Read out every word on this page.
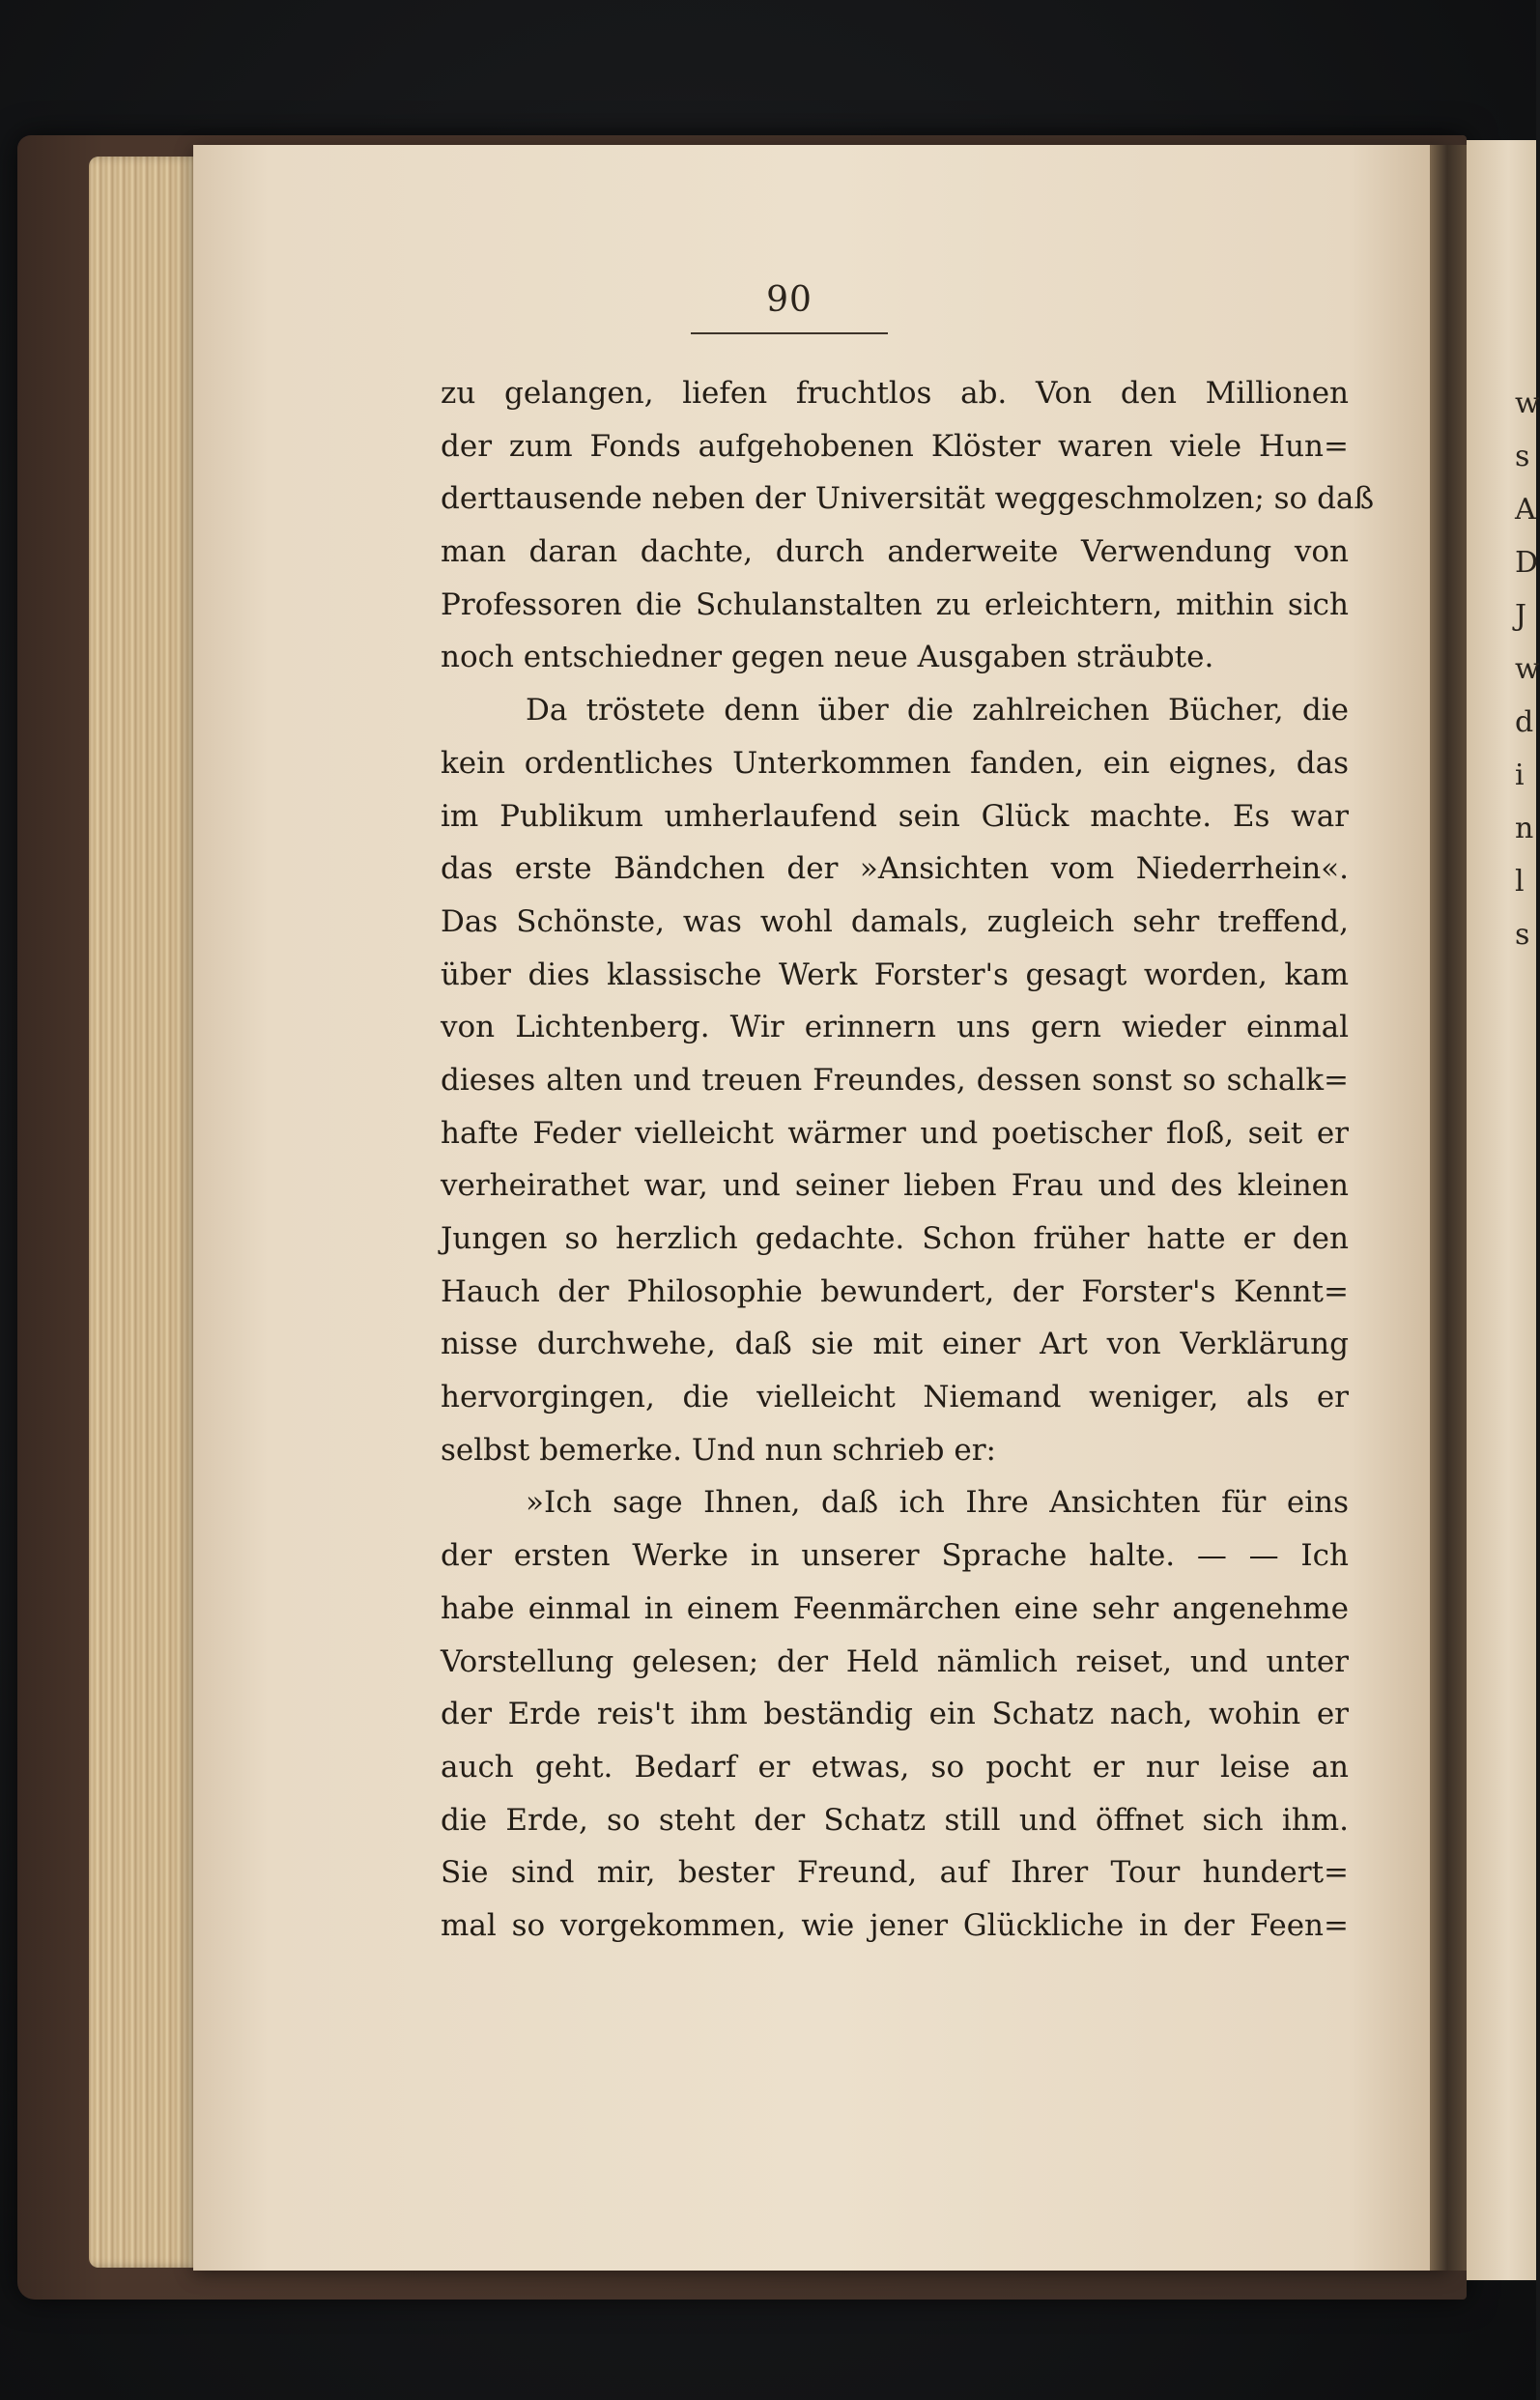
w
s
A
D
J
w
d
i
n
l
s
90
zu gelangen, liefen fruchtlos ab. Von den Millionen
der zum Fonds aufgehobenen Klöster waren viele Hun=
derttausende neben der Universität weggeschmolzen; so daß
man daran dachte, durch anderweite Verwendung von
Professoren die Schulanstalten zu erleichtern, mithin sich
noch entschiedner gegen neue Ausgaben sträubte.
Da tröstete denn über die zahlreichen Bücher, die
kein ordentliches Unterkommen fanden, ein eignes, das
im Publikum umherlaufend sein Glück machte. Es war
das erste Bändchen der »Ansichten vom Niederrhein«.
Das Schönste, was wohl damals, zugleich sehr treffend,
über dies klassische Werk Forster's gesagt worden, kam
von Lichtenberg. Wir erinnern uns gern wieder einmal
dieses alten und treuen Freundes, dessen sonst so schalk=
hafte Feder vielleicht wärmer und poetischer floß, seit er
verheirathet war, und seiner lieben Frau und des kleinen
Jungen so herzlich gedachte. Schon früher hatte er den
Hauch der Philosophie bewundert, der Forster's Kennt=
nisse durchwehe, daß sie mit einer Art von Verklärung
hervorgingen, die vielleicht Niemand weniger, als er
selbst bemerke. Und nun schrieb er:
»Ich sage Ihnen, daß ich Ihre Ansichten für eins
der ersten Werke in unserer Sprache halte. — — Ich
habe einmal in einem Feenmärchen eine sehr angenehme
Vorstellung gelesen; der Held nämlich reiset, und unter
der Erde reis't ihm beständig ein Schatz nach, wohin er
auch geht. Bedarf er etwas, so pocht er nur leise an
die Erde, so steht der Schatz still und öffnet sich ihm.
Sie sind mir, bester Freund, auf Ihrer Tour hundert=
mal so vorgekommen, wie jener Glückliche in der Feen=
